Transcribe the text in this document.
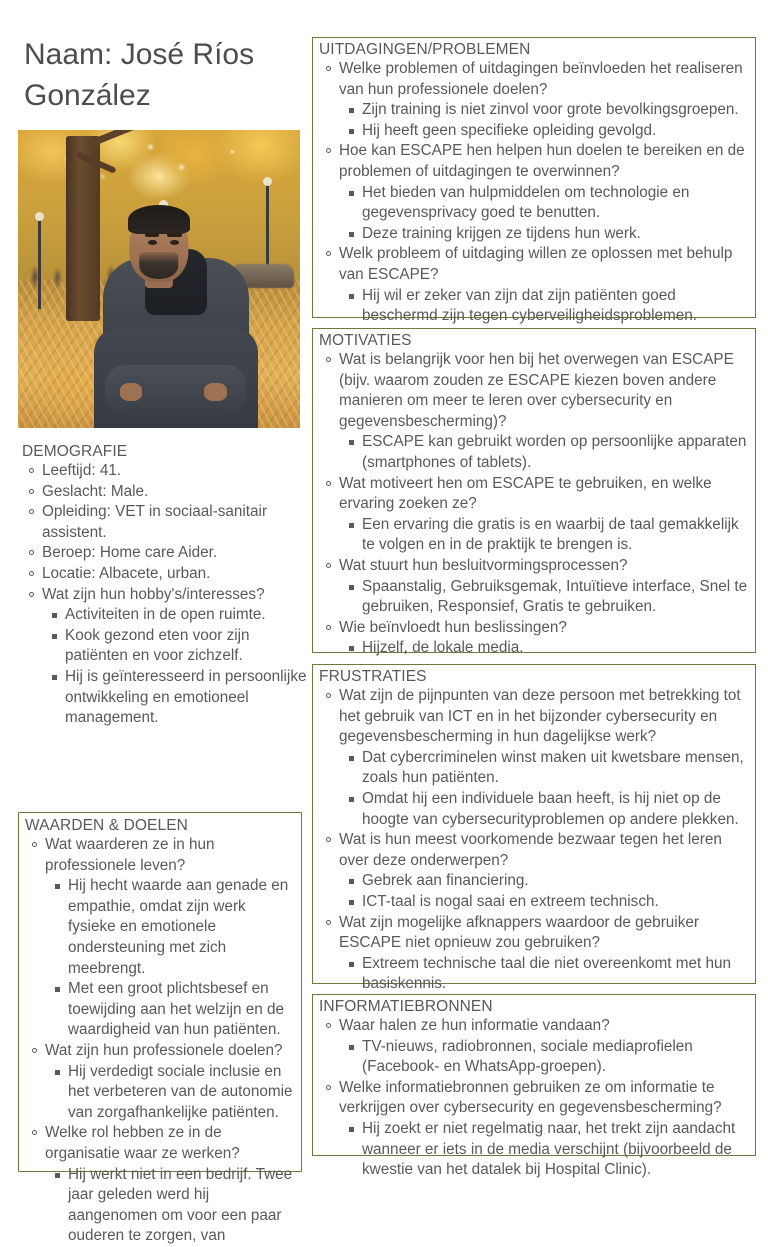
Naam: José Ríos González
DEMOGRAFIE
Leeftijd: 41.
Geslacht: Male.
Opleiding: VET in sociaal-sanitair assistent.
Beroep: Home care Aider.
Locatie: Albacete, urban.
Wat zijn hun hobby's/interesses?
Activiteiten in de open ruimte.
Kook gezond eten voor zijn patiënten en voor zichzelf.
Hij is geïnteresseerd in persoonlijke ontwikkeling en emotioneel management.
WAARDEN & DOELEN
Wat waarderen ze in hun professionele leven?
Hij hecht waarde aan genade en empathie, omdat zijn werk fysieke en emotionele ondersteuning met zich meebrengt.
Met een groot plichtsbesef en toewijding aan het welzijn en de waardigheid van hun patiënten.
Wat zijn hun professionele doelen?
Hij verdedigt sociale inclusie en het verbeteren van de autonomie van zorgafhankelijke patiënten.
Welke rol hebben ze in de organisatie waar ze werken?
Hij werkt niet in een bedrijf. Twee jaar geleden werd hij aangenomen om voor een paar ouderen te zorgen, van
UITDAGINGEN/PROBLEMEN
Welke problemen of uitdagingen beïnvloeden het realiseren van hun professionele doelen?
Zijn training is niet zinvol voor grote bevolkingsgroepen.
Hij heeft geen specifieke opleiding gevolgd.
Hoe kan ESCAPE hen helpen hun doelen te bereiken en de problemen of uitdagingen te overwinnen?
Het bieden van hulpmiddelen om technologie en gegevensprivacy goed te benutten.
Deze training krijgen ze tijdens hun werk.
Welk probleem of uitdaging willen ze oplossen met behulp van ESCAPE?
Hij wil er zeker van zijn dat zijn patiënten goed beschermd zijn tegen cyberveiligheidsproblemen.
MOTIVATIES
Wat is belangrijk voor hen bij het overwegen van ESCAPE (bijv. waarom zouden ze ESCAPE kiezen boven andere manieren om meer te leren over cybersecurity en gegevensbescherming)?
ESCAPE kan gebruikt worden op persoonlijke apparaten (smartphones of tablets).
Wat motiveert hen om ESCAPE te gebruiken, en welke ervaring zoeken ze?
Een ervaring die gratis is en waarbij de taal gemakkelijk te volgen en in de praktijk te brengen is.
Wat stuurt hun besluitvormingsprocessen?
Spaanstalig, Gebruiksgemak, Intuïtieve interface, Snel te gebruiken, Responsief, Gratis te gebruiken.
Wie beïnvloedt hun beslissingen?
Hijzelf, de lokale media.
FRUSTRATIES
Wat zijn de pijnpunten van deze persoon met betrekking tot het gebruik van ICT en in het bijzonder cybersecurity en gegevensbescherming in hun dagelijkse werk?
Dat cybercriminelen winst maken uit kwetsbare mensen, zoals hun patiënten.
Omdat hij een individuele baan heeft, is hij niet op de hoogte van cybersecurityproblemen op andere plekken.
Wat is hun meest voorkomende bezwaar tegen het leren over deze onderwerpen?
Gebrek aan financiering.
ICT-taal is nogal saai en extreem technisch.
Wat zijn mogelijke afknappers waardoor de gebruiker ESCAPE niet opnieuw zou gebruiken?
Extreem technische taal die niet overeenkomt met hun basiskennis.
INFORMATIEBRONNEN
Waar halen ze hun informatie vandaan?
TV-nieuws, radiobronnen, sociale mediaprofielen (Facebook- en WhatsApp-groepen).
Welke informatiebronnen gebruiken ze om informatie te verkrijgen over cybersecurity en gegevensbescherming?
Hij zoekt er niet regelmatig naar, het trekt zijn aandacht wanneer er iets in de media verschijnt (bijvoorbeeld de kwestie van het datalek bij Hospital Clinic).
